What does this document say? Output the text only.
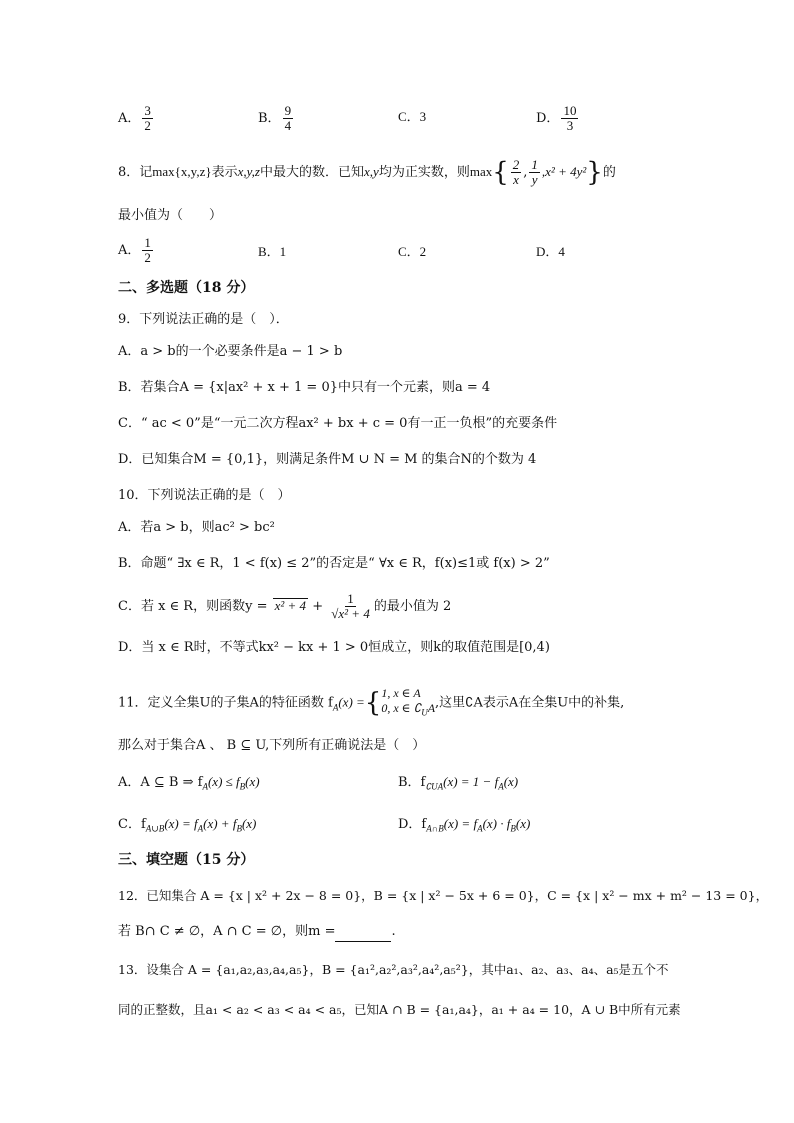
A． $\frac{3}{2}$	B． $\frac{9}{4}$	C．3	D． $\frac{10}{3}$
8．记max{x,y,z}表示x,y,z中最大的数．已知x,y均为正实数，则$\max\{ \frac{2}{x}$ , $\frac{1}{y} ,x^2 + 4y^2$}的
最小值为（　　）
A． $\frac{1}{2}$	B．1	C．2	D．4
二、多选题（18 分）
9．下列说法正确的是（　）．
A．a > b的一个必要条件是a − 1 > b
B．若集合A = {x|ax² + x + 1 = 0}中只有一个元素，则a = 4
C．“ ac < 0”是“一元二次方程ax² + bx + c = 0有一正一负根”的充要条件
D．已知集合M = {0,1}，则满足条件M ∪ N = M 的集合N的个数为 4
10．下列说法正确的是（　）
A．若a > b，则ac² > bc²
B．命题“ ∃x ∈ R，1 < f(x) ≤ 2”的否定是“ ∀x ∈ R，f(x)≤1或 f(x) > 2”
C．若 x ∈ R，则函数$y = x^2 + 4 + \frac{1}{\text{√x² + 4}}$ 的最小值为 2
D．当 x ∈ R时，不等式kx² − kx + 1 > 0恒成立，则k的取值范围是[0,4)
11．定义全集U的子集A的特征函数 $f_A(x)$ ={ 1, x ∈ A
0, x ∈ $∁_UA$ ,这里∁A表示A在全集U中的补集,
那么对于集合A 、 B ⊆ U,下列所有正确说法是（　）
A．A ⊆ B ⇒ $f_A(x) \le f_B(x)$	B．$f_{∁UA}(x) = 1 - f_A(x)$
C．$f_{A\cup B}(x) = f_A(x) + f_B(x)$	D．$f_{A\cap B}(x) = f_A(x) \cdot f_B(x)$
三、填空题（15 分）
12．已知集合 A = {x | x² + 2x − 8 = 0}，B = {x | x² − 5x + 6 = 0}，C = {x | x² − mx + m² − 13 = 0}，
若 B∩ C ≠ ∅，A ∩ C = ∅，则m =	.
13．设集合 A = {a₁,a₂,a₃,a₄,a₅}，B = {a₁²,a₂²,a₃²,a₄²,a₅²}，其中a₁、a₂、a₃、a₄、a₅是五个不
同的正整数，且a₁ < a₂ < a₃ < a₄ < a₅，已知A ∩ B = {a₁,a₄}，a₁ + a₄ = 10，A ∪ B中所有元素
